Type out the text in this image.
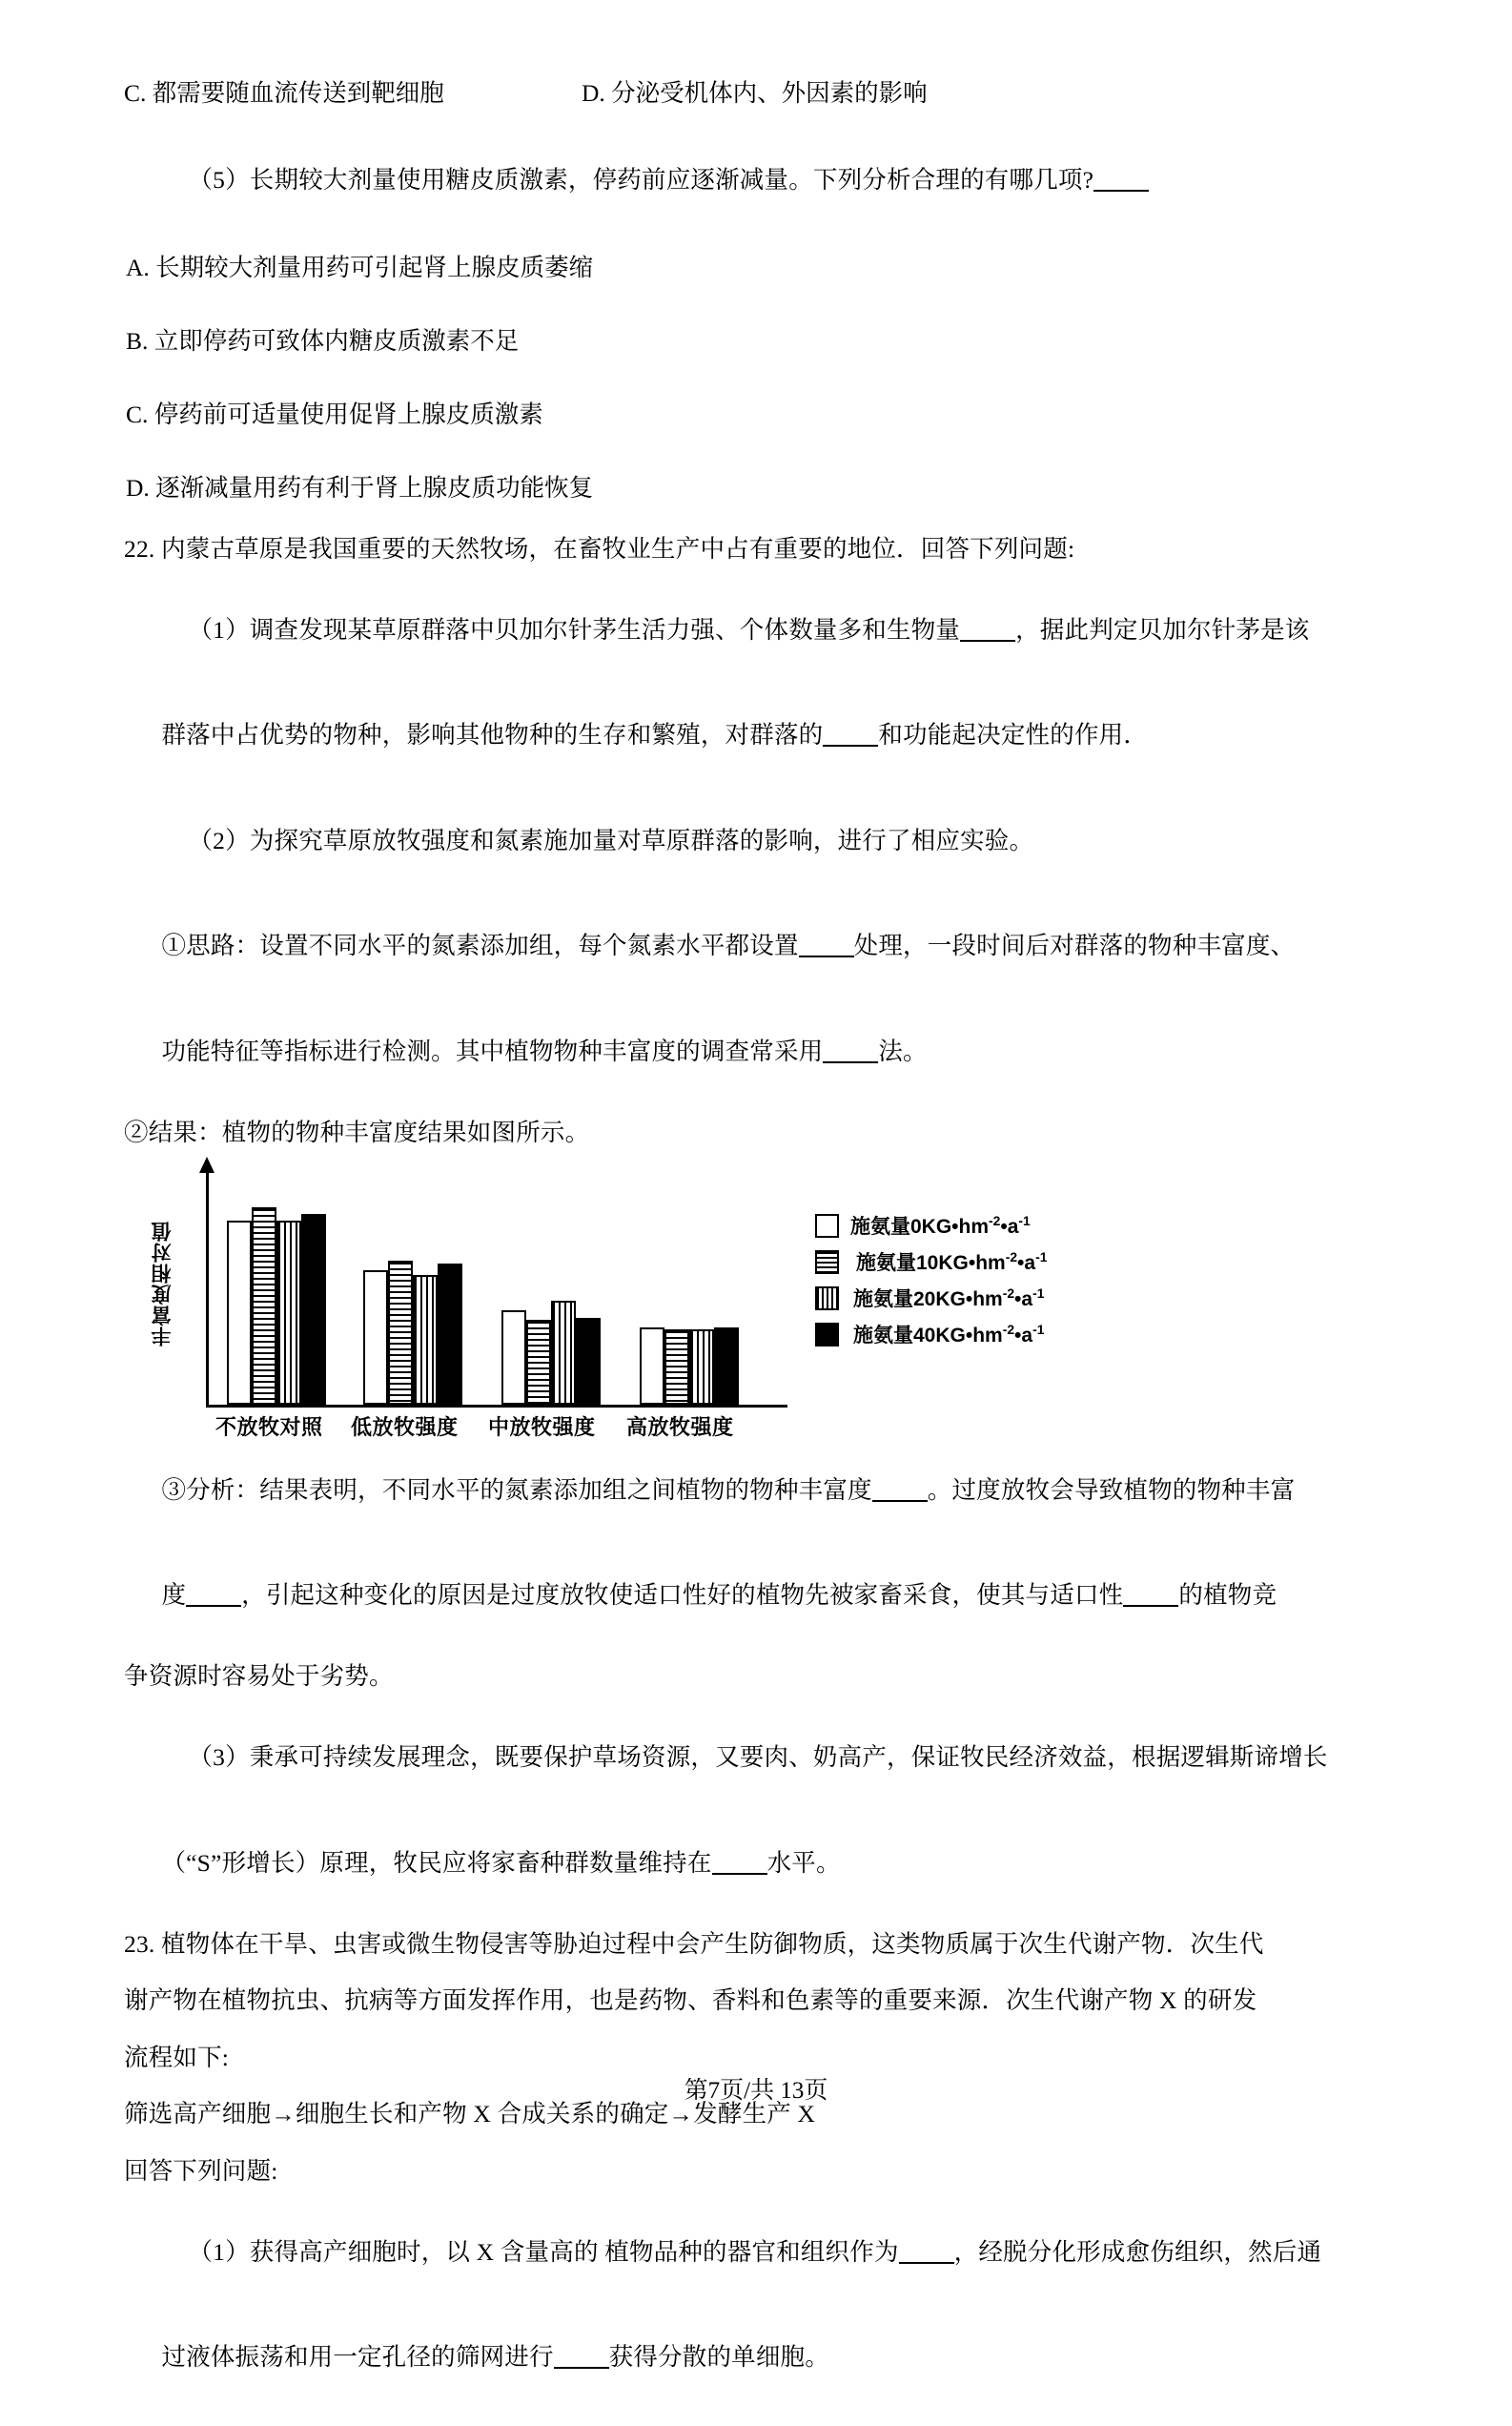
C. 都需要随血流传送到靶细胞	D. 分泌受机体内、外因素的影响

（5）长期较大剂量使用糖皮质激素，停药前应逐渐减量。下列分析合理的有哪几项?

A. 长期较大剂量用药可引起肾上腺皮质萎缩
B. 立即停药可致体内糖皮质激素不足
C. 停药前可适量使用促肾上腺皮质激素
D. 逐渐减量用药有利于肾上腺皮质功能恢复
22. 内蒙古草原是我国重要的天然牧场，在畜牧业生产中占有重要的地位．回答下列问题:

（1）调查发现某草原群落中贝加尔针茅生活力强、个体数量多和生物量 ，据此判定贝加尔针茅是该

群落中占优势的物种，影响其他物种的生存和繁殖，对群落的 和功能起决定性的作用．

（2）为探究草原放牧强度和氮素施加量对草原群落的影响，进行了相应实验。

①思路：设置不同水平的氮素添加组，每个氮素水平都设置 处理，一段时间后对群落的物种丰富度、

功能特征等指标进行检测。其中植物物种丰富度的调查常采用 法。

②结果：植物的物种丰富度结果如图所示。
丰富度相对值
不放牧对照 低放牧强度 中放牧强度 高放牧强度
施氨量$0KG•hm^{-2}•a^{-1}$
施氨量$10KG•hm^{-2}•a^{-1}$
施氨量$20KG•hm^{-2}•a^{-1}$
施氨量$40KG•hm^{-2}•a^{-1}$

③分析：结果表明，不同水平的氮素添加组之间植物的物种丰富度 。过度放牧会导致植物的物种丰富

度 ，引起这种变化的原因是过度放牧使适口性好的植物先被家畜采食，使其与适口性 的植物竞

争资源时容易处于劣势。

（3）秉承可持续发展理念，既要保护草场资源，又要肉、奶高产，保证牧民经济效益，根据逻辑斯谛增长

（“S”形增长）原理，牧民应将家畜种群数量维持在 水平。

23. 植物体在干旱、虫害或微生物侵害等胁迫过程中会产生防御物质，这类物质属于次生代谢产物．次生代
谢产物在植物抗虫、抗病等方面发挥作用，也是药物、香料和色素等的重要来源．次生代谢产物 X 的研发
流程如下:
筛选高产细胞→细胞生长和产物 X 合成关系的确定→发酵生产 X
回答下列问题:

（1）获得高产细胞时，以 X 含量高的 植物品种的器官和组织作为 ，经脱分化形成愈伤组织，然后通

过液体振荡和用一定孔径的筛网进行 获得分散的单细胞。

第7页/共 13页
